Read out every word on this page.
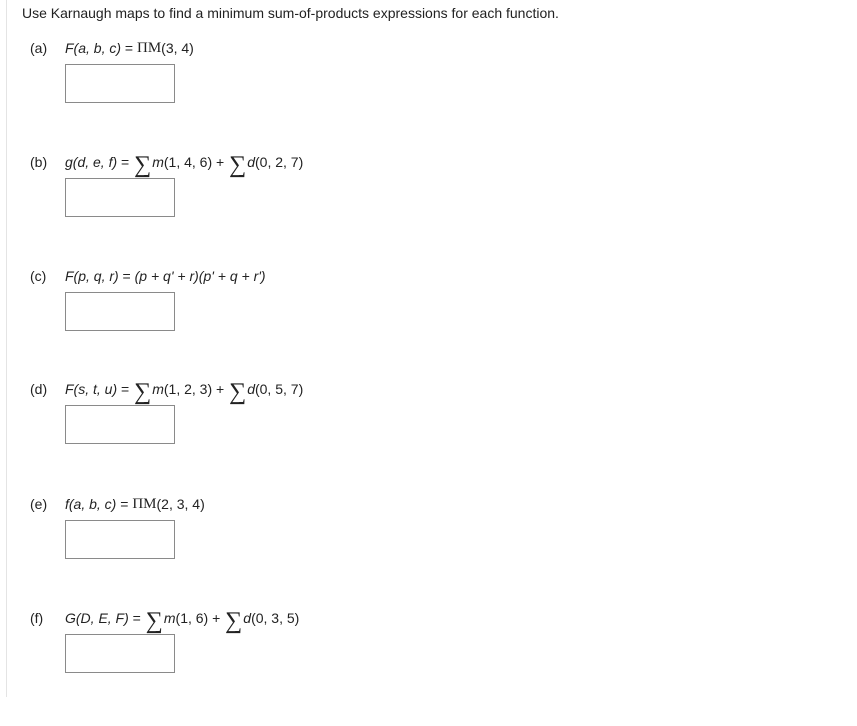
Use Karnaugh maps to find a minimum sum-of-products expressions for each function.
(a)	F(a, b, c) = ΠM (3, 4)
(b)	g(d, e, f) = ∑ m (1, 4, 6) + ∑ d (0, 2, 7)
(c)	F(p, q, r) = (p + q' + r)(p' + q + r')
(d)	F(s, t, u) = ∑ m (1, 2, 3) + ∑ d (0, 5, 7)
(e)	f(a, b, c) = ΠM (2, 3, 4)
(f)	G(D, E, F) = ∑ m (1, 6) + ∑ d (0, 3, 5)
